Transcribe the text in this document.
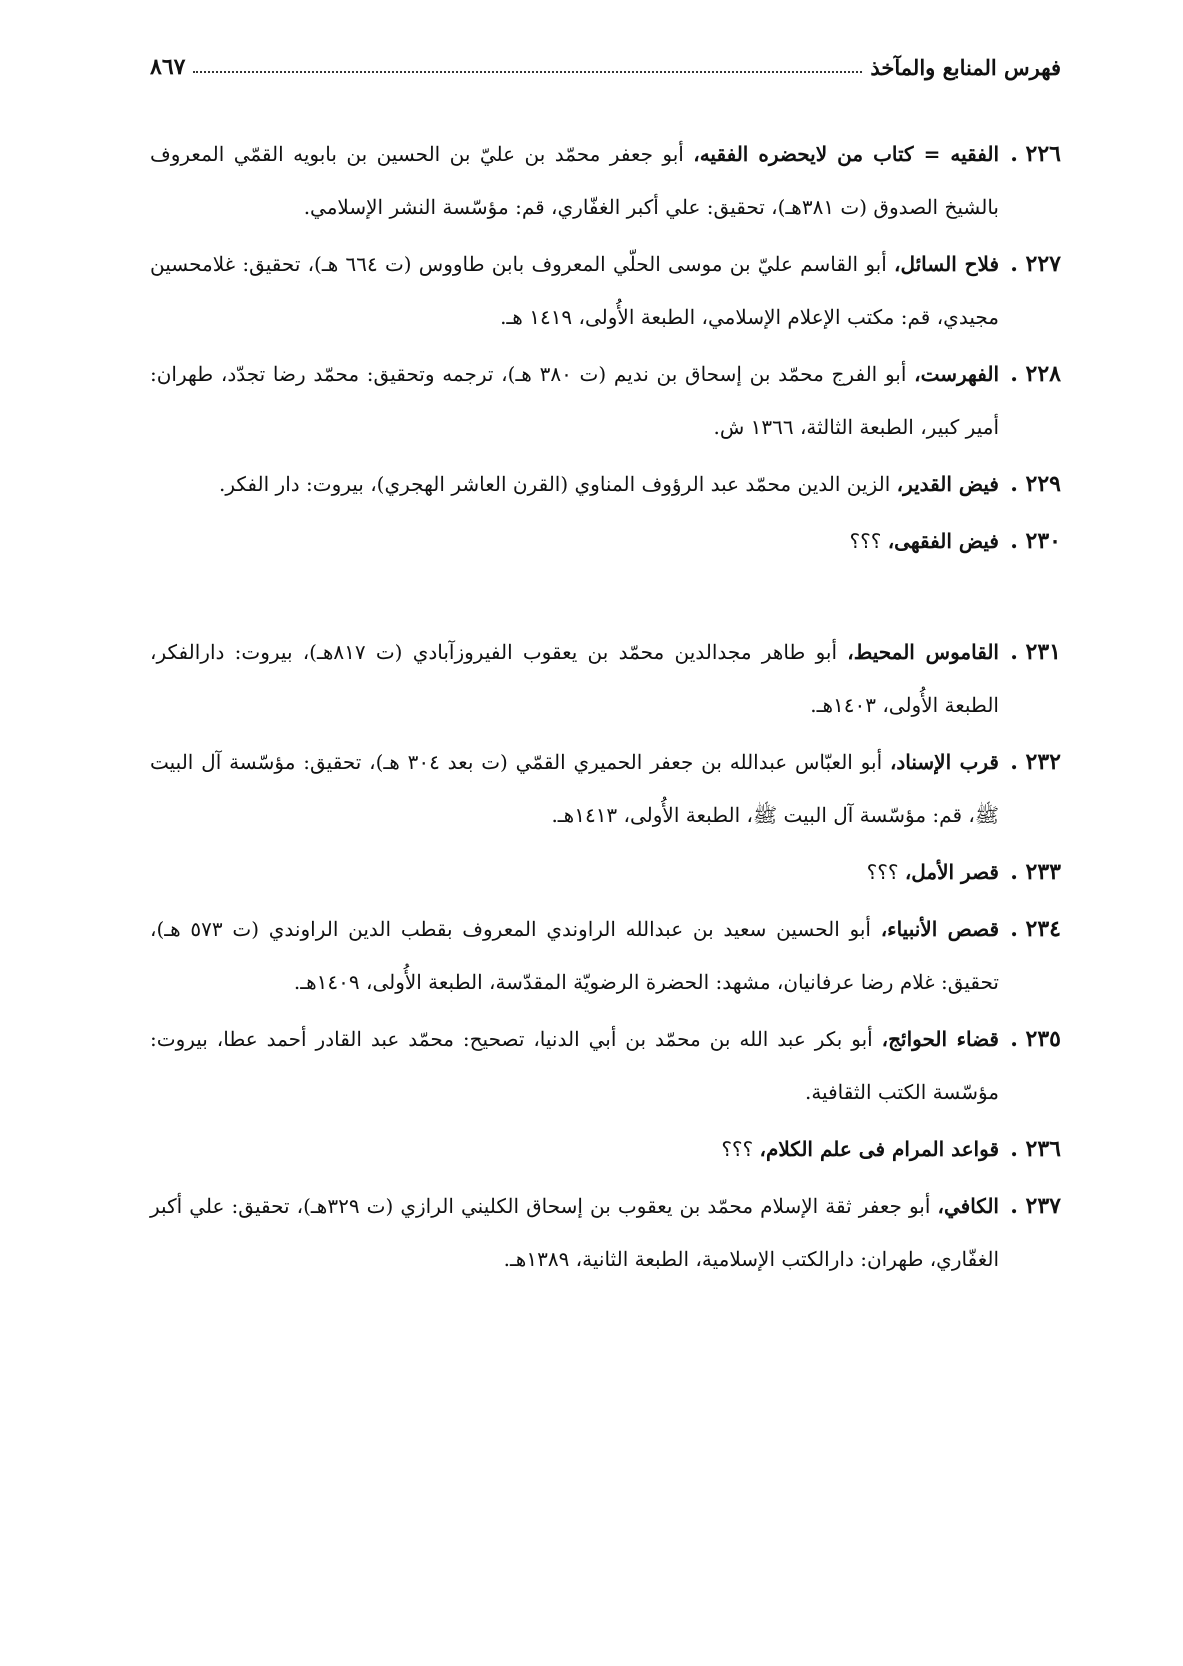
فهرس المنابع والمآخذ
٨٦٧
٢٢٦ .
الفقيه = كتاب من لايحضره الفقيه، أبو جعفر محمّد بن عليّ بن الحسين بن بابويه القمّي المعروف بالشيخ الصدوق (ت ٣٨١هـ)، تحقيق: علي أكبر الغفّاري، قم: مؤسّسة النشر الإسلامي.
٢٢٧ .
فلاح السائل، أبو القاسم عليّ بن موسى الحلّي المعروف بابن طاووس (ت ٦٦٤ هـ)، تحقيق: غلامحسين مجيدي، قم: مكتب الإعلام الإسلامي، الطبعة الأُولى، ١٤١٩ هـ.
٢٢٨ .
الفهرست، أبو الفرج محمّد بن إسحاق بن نديم (ت ٣٨٠ هـ)، ترجمه وتحقيق: محمّد رضا تجدّد، طهران: أمير كبير، الطبعة الثالثة، ١٣٦٦ ش.
٢٢٩ .
فيض القدير، الزين الدين محمّد عبد الرؤوف المناوي (القرن العاشر الهجري)، بيروت: دار الفكر.
٢٣٠ .
فيض الفقهى، ؟؟؟
٢٣١ .
القاموس المحيط، أبو طاهر مجدالدين محمّد بن يعقوب الفيروزآبادي (ت ٨١٧هـ)، بيروت: دارالفكر، الطبعة الأُولى، ١٤٠٣هـ.
٢٣٢ .
قرب الإسناد، أبو العبّاس عبدالله بن جعفر الحميري القمّي (ت بعد ٣٠٤ هـ)، تحقيق: مؤسّسة آل البيت ﷺ، قم: مؤسّسة آل البيت ﷺ، الطبعة الأُولى، ١٤١٣هـ.
٢٣٣ .
قصر الأمل، ؟؟؟
٢٣٤ .
قصص الأنبياء، أبو الحسين سعيد بن عبدالله الراوندي المعروف بقطب الدين الراوندي (ت ٥٧٣ هـ)، تحقيق: غلام رضا عرفانيان، مشهد: الحضرة الرضويّة المقدّسة، الطبعة الأُولى، ١٤٠٩هـ.
٢٣٥ .
قضاء الحوائج، أبو بكر عبد الله بن محمّد بن أبي الدنيا، تصحيح: محمّد عبد القادر أحمد عطا، بيروت: مؤسّسة الكتب الثقافية.
٢٣٦ .
قواعد المرام فى علم الكلام، ؟؟؟
٢٣٧ .
الكافي، أبو جعفر ثقة الإسلام محمّد بن يعقوب بن إسحاق الكليني الرازي (ت ٣٢٩هـ)، تحقيق: علي أكبر الغفّاري، طهران: دارالكتب الإسلامية، الطبعة الثانية، ١٣٨٩هـ.
